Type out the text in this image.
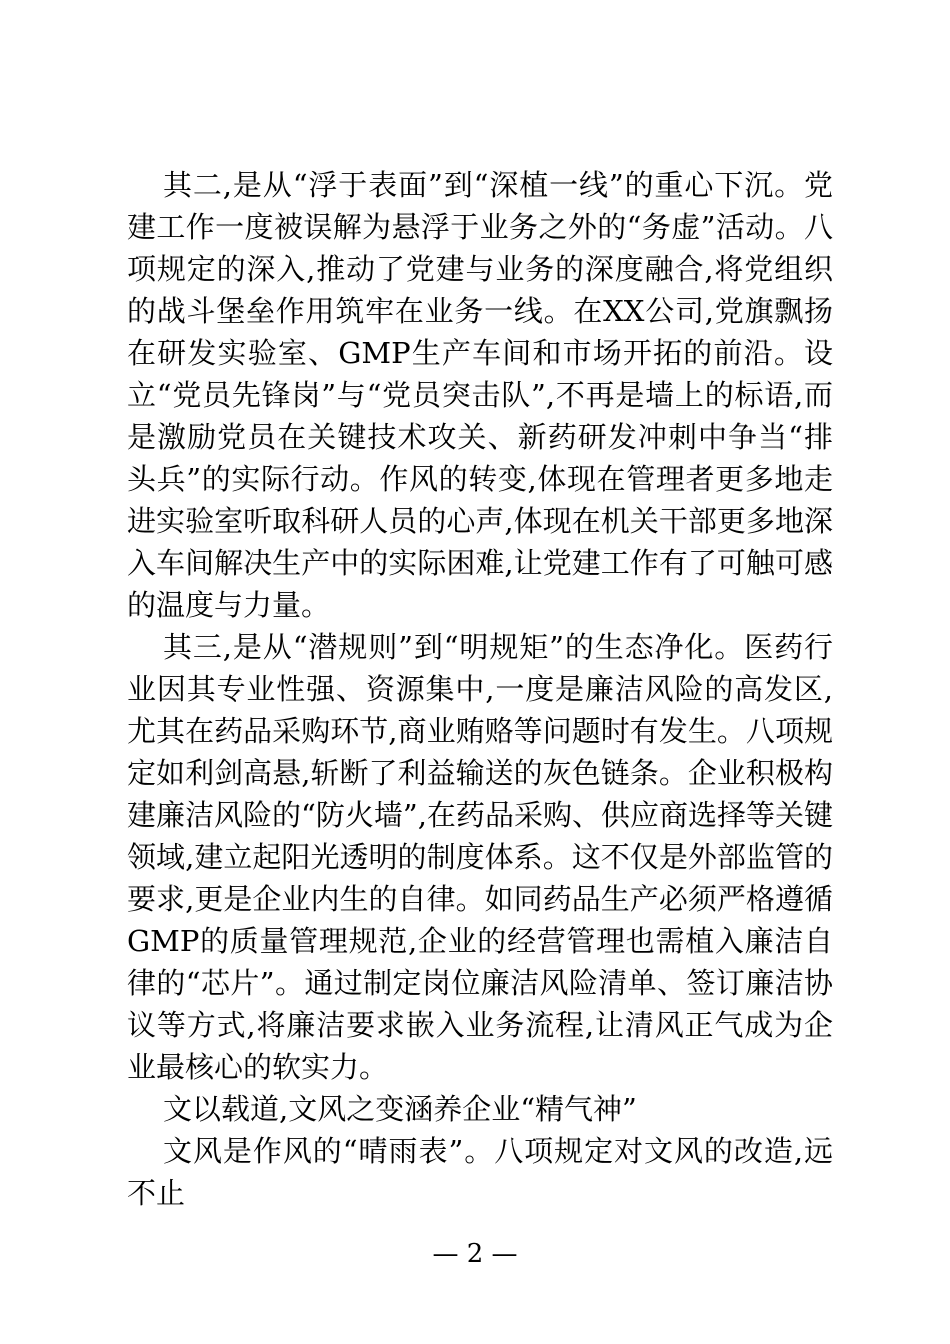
其二,是从“浮于表面”到“深植一线”的重心下沉。党建工作一度被误解为悬浮于业务之外的“务虚”活动。八项规定的深入,推动了党建与业务的深度融合,将党组织的战斗堡垒作用筑牢在业务一线。在XX公司,党旗飘扬在研发实验室、GMP生产车间和市场开拓的前沿。设立“党员先锋岗”与“党员突击队”,不再是墙上的标语,而是激励党员在关键技术攻关、新药研发冲刺中争当“排头兵”的实际行动。作风的转变,体现在管理者更多地走进实验室听取科研人员的心声,体现在机关干部更多地深入车间解决生产中的实际困难,让党建工作有了可触可感的温度与力量。

其三,是从“潜规则”到“明规矩”的生态净化。医药行业因其专业性强、资源集中,一度是廉洁风险的高发区,尤其在药品采购环节,商业贿赂等问题时有发生。八项规定如利剑高悬,斩断了利益输送的灰色链条。企业积极构建廉洁风险的“防火墙”,在药品采购、供应商选择等关键领域,建立起阳光透明的制度体系。这不仅是外部监管的要求,更是企业内生的自律。如同药品生产必须严格遵循GMP的质量管理规范,企业的经营管理也需植入廉洁自律的“芯片”。通过制定岗位廉洁风险清单、签订廉洁协议等方式,将廉洁要求嵌入业务流程,让清风正气成为企业最核心的软实力。

文以载道,文风之变涵养企业“精气神”

文风是作风的“晴雨表”。八项规定对文风的改造,远不止

— 2 —
